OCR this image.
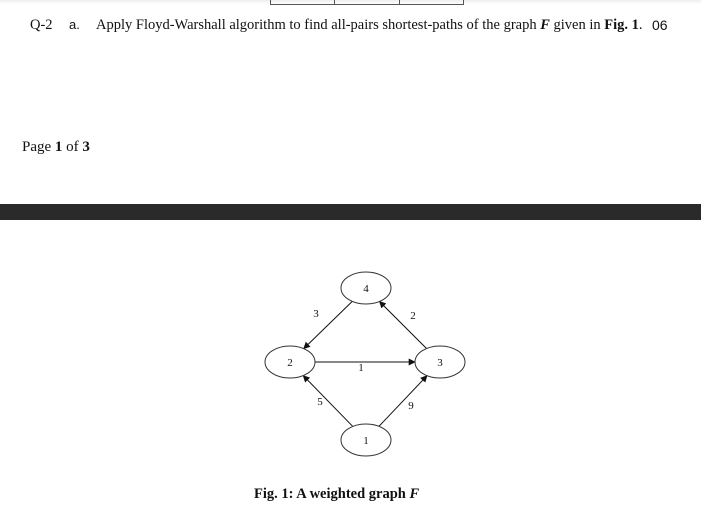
Q-2 a. Apply Floyd-Warshall algorithm to find all-pairs shortest-paths of the graph F given in Fig. 1. 06
Page 1 of 3
3	2
1
5	9
1
2	3
4
Fig. 1: A weighted graph F
